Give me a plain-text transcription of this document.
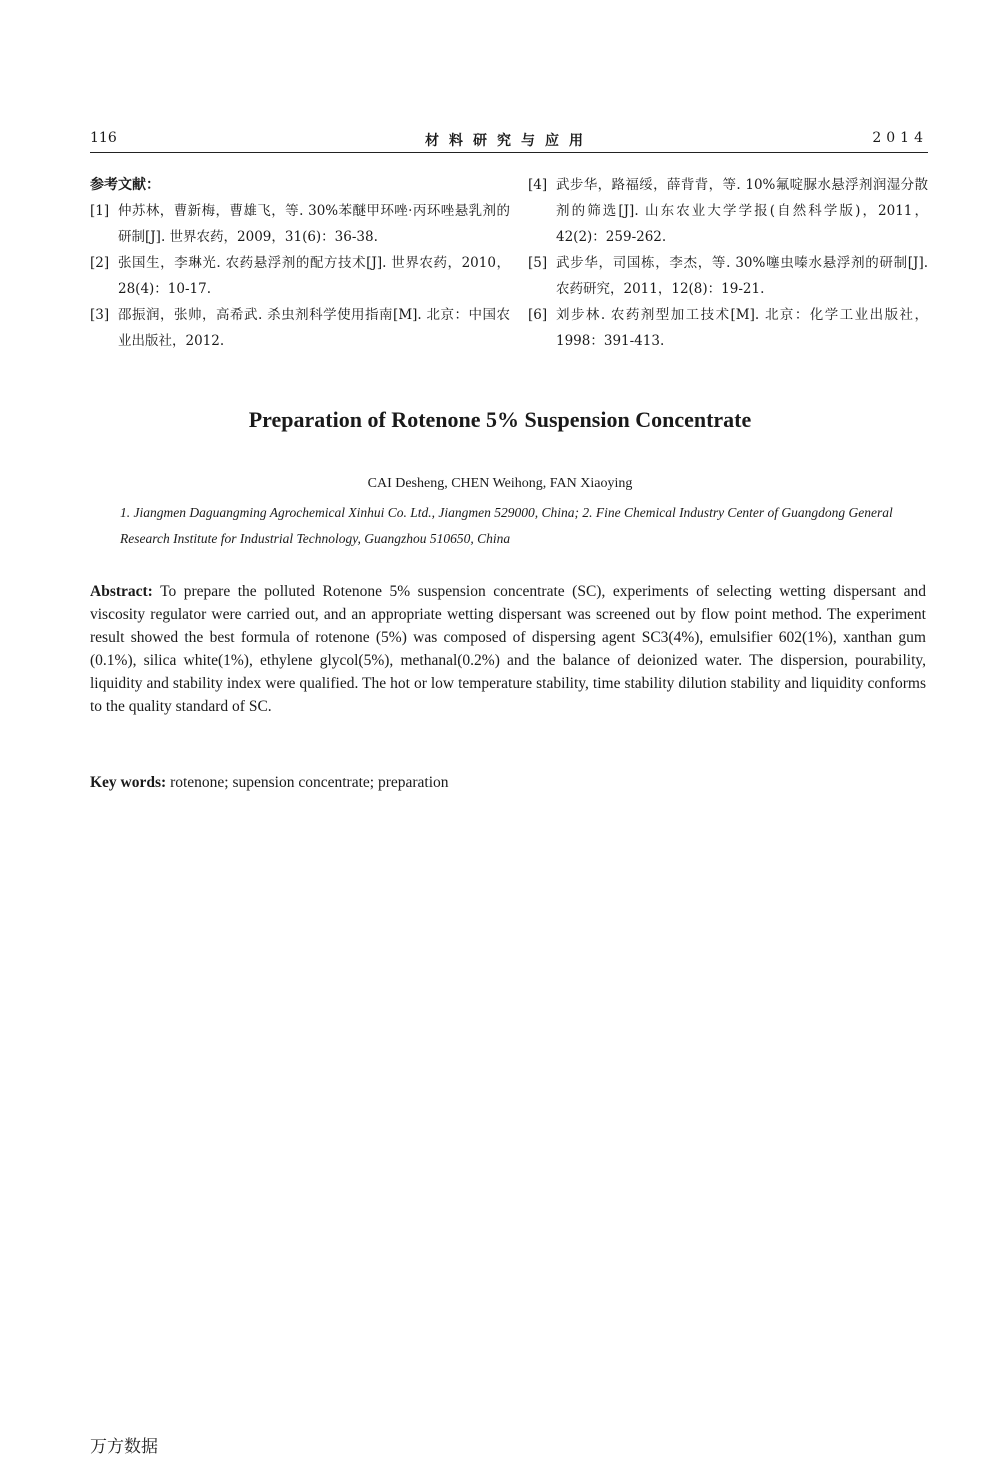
116	材料研究与应用	2014
参考文献：
[1] 仲苏林，曹新梅，曹雄飞，等. 30%苯醚甲环唑·丙环唑悬乳剂的研制[J]. 世界农药，2009，31(6)：36-38.
[2] 张国生，李琳光. 农药悬浮剂的配方技术[J]. 世界农药，2010，28(4)：10-17.
[3] 邵振润，张帅，高希武. 杀虫剂科学使用指南[M]. 北京：中国农业出版社，2012.
[4] 武步华，路福绥，薛背背，等. 10%氟啶脲水悬浮剂润湿分散剂的筛选[J]. 山东农业大学学报(自然科学版)，2011，42(2)：259-262.
[5] 武步华，司国栋，李杰，等. 30%噻虫嗪水悬浮剂的研制[J]. 农药研究，2011，12(8)：19-21.
[6] 刘步林. 农药剂型加工技术[M]. 北京：化学工业出版社，1998：391-413.
Preparation of Rotenone 5% Suspension Concentrate
CAI Desheng, CHEN Weihong, FAN Xiaoying
1. Jiangmen Daguangming Agrochemical Xinhui Co. Ltd., Jiangmen 529000, China; 2. Fine Chemical Industry Center of Guangdong General Research Institute for Industrial Technology, Guangzhou 510650, China
Abstract: To prepare the polluted Rotenone 5% suspension concentrate (SC), experiments of selecting wetting dispersant and viscosity regulator were carried out, and an appropriate wetting dispersant was screened out by flow point method. The experiment result showed the best formula of rotenone (5%) was composed of dispersing agent SC3(4%), emulsifier 602(1%), xanthan gum (0.1%), silica white(1%), ethylene glycol(5%), methanal(0.2%) and the balance of deionized water. The dispersion, pourability, liquidity and stability index were qualified. The hot or low temperature stability, time stability dilution stability and liquidity conforms to the quality standard of SC.
Key words: rotenone; supension concentrate; preparation
万方数据
